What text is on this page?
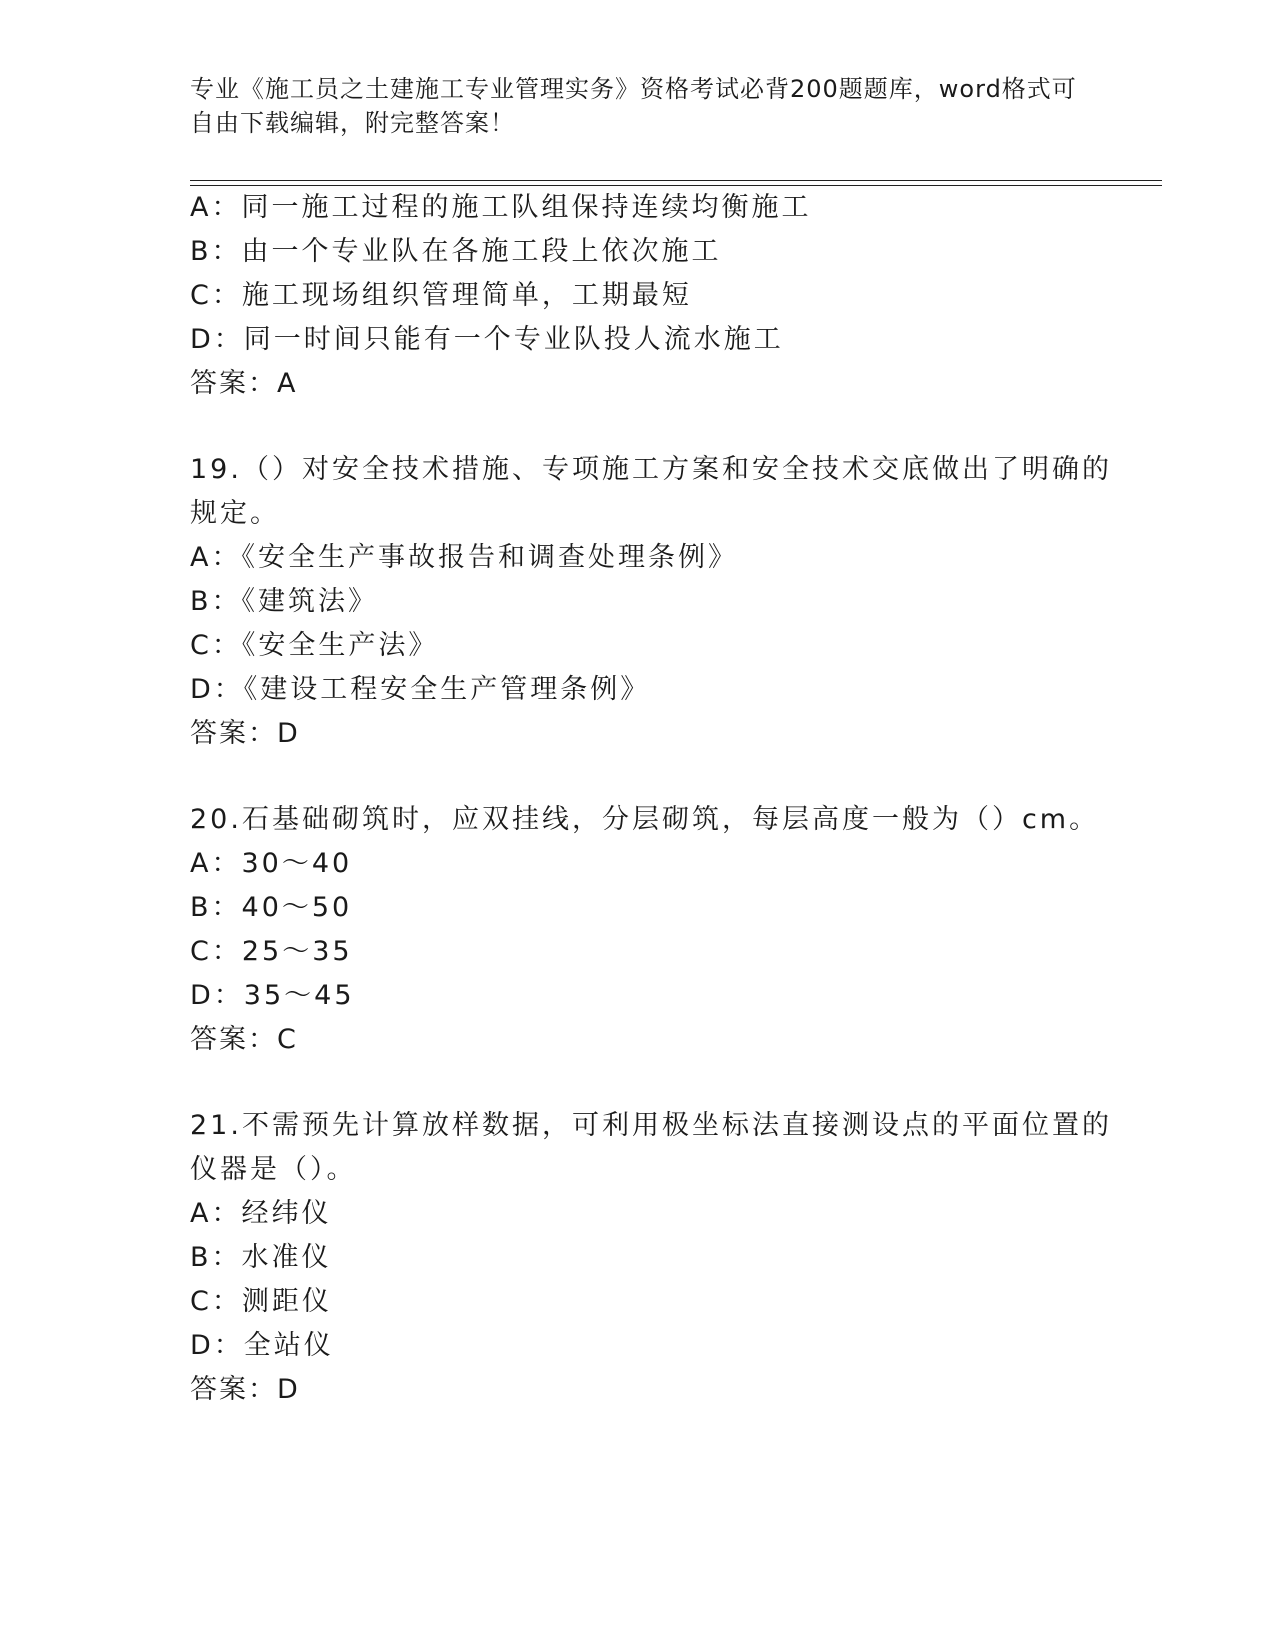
专业《施工员之土建施工专业管理实务》资格考试必背200题题库，word格式可
自由下载编辑，附完整答案！
A：同一施工过程的施工队组保持连续均衡施工
B：由一个专业队在各施工段上依次施工
C：施工现场组织管理简单，工期最短
D：同一时间只能有一个专业队投人流水施工
答案：A
19.（）对安全技术措施、专项施工方案和安全技术交底做出了明确的
规定。
A：《安全生产事故报告和调查处理条例》
B：《建筑法》
C：《安全生产法》
D：《建设工程安全生产管理条例》
答案：D
20.石基础砌筑时，应双挂线，分层砌筑，每层高度一般为（）cm。
A：30～40
B：40～50
C：25～35
D：35～45
答案：C
21.不需预先计算放样数据，可利用极坐标法直接测设点的平面位置的
仪器是（）。
A：经纬仪
B：水准仪
C：测距仪
D：全站仪
答案：D
